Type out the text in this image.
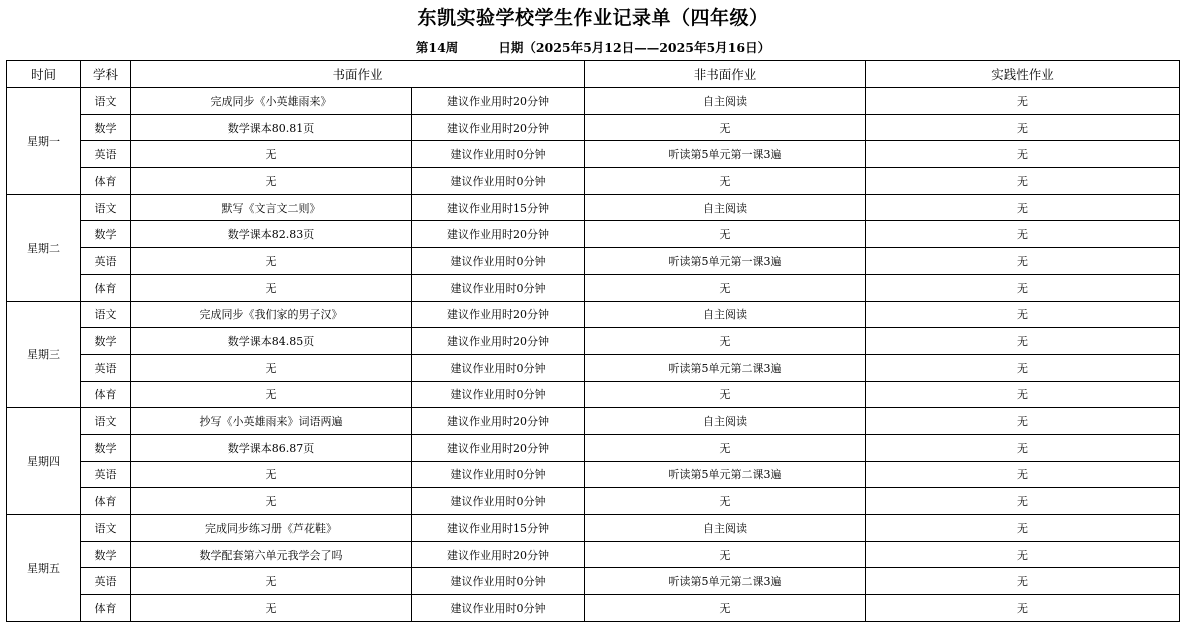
东凯实验学校学生作业记录单（四年级）
第14周	日期（2025年5月12日——2025年5月16日）
时间	学科	书面作业		非书面作业	实践性作业
星期一	语文	完成同步《小英雄雨来》	建议作业用时20分钟	自主阅读	无
	数学	数学课本80.81页	建议作业用时20分钟	无	无
	英语	无	建议作业用时0分钟	听读第5单元第一课3遍	无
	体育	无	建议作业用时0分钟	无	无
星期二	语文	默写《文言文二则》	建议作业用时15分钟	自主阅读	无
	数学	数学课本82.83页	建议作业用时20分钟	无	无
	英语	无	建议作业用时0分钟	听读第5单元第一课3遍	无
	体育	无	建议作业用时0分钟	无	无
星期三	语文	完成同步《我们家的男子汉》	建议作业用时20分钟	自主阅读	无
	数学	数学课本84.85页	建议作业用时20分钟	无	无
	英语	无	建议作业用时0分钟	听读第5单元第二课3遍	无
	体育	无	建议作业用时0分钟	无	无
星期四	语文	抄写《小英雄雨来》词语两遍	建议作业用时20分钟	自主阅读	无
	数学	数学课本86.87页	建议作业用时20分钟	无	无
	英语	无	建议作业用时0分钟	听读第5单元第二课3遍	无
	体育	无	建议作业用时0分钟	无	无
星期五	语文	完成同步练习册《芦花鞋》	建议作业用时15分钟	自主阅读	无
	数学	数学配套第六单元我学会了吗	建议作业用时20分钟	无	无
	英语	无	建议作业用时0分钟	听读第5单元第二课3遍	无
	体育	无	建议作业用时0分钟	无	无
